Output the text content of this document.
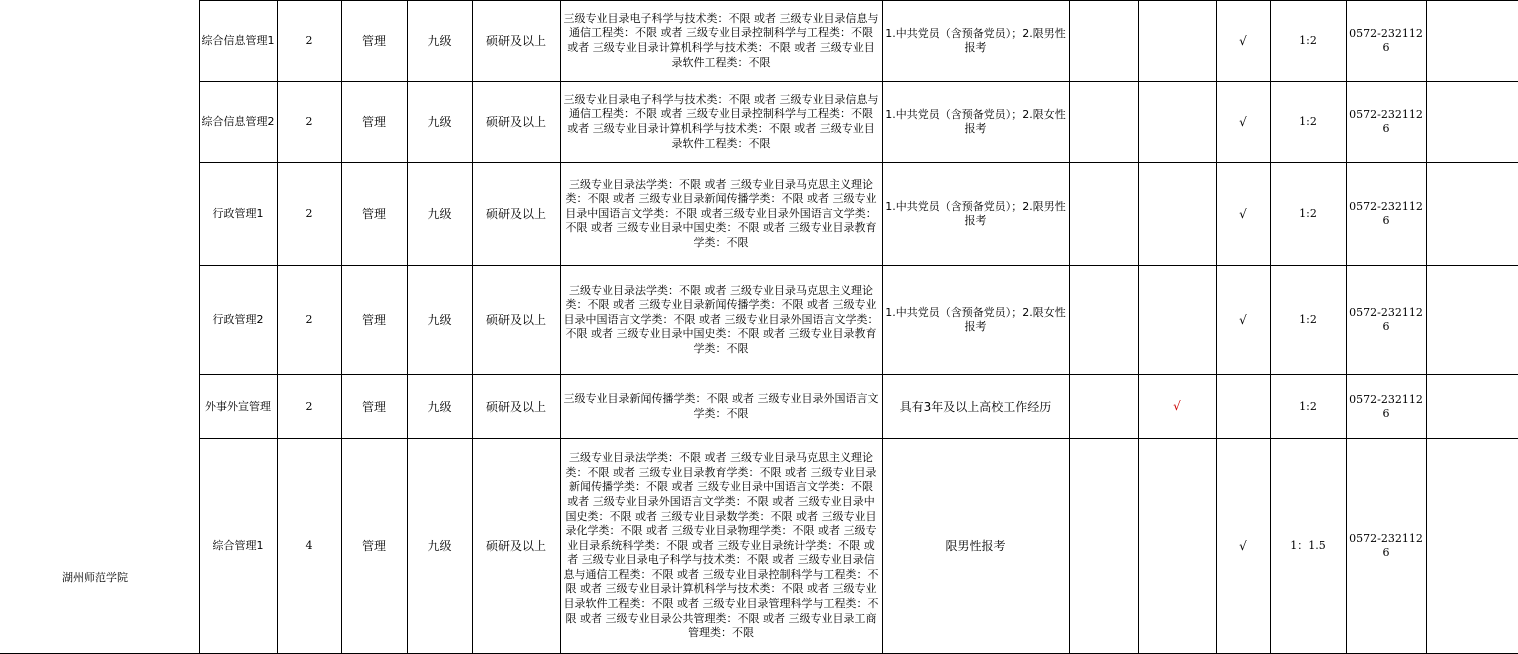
湖州师范学院	综合信息管理1	2	管理	九级	硕研及以上	三级专业目录电子科学与技术类：不限 或者 三级专业目录信息与通信工程类：不限 或者 三级专业目录控制科学与工程类：不限 或者 三级专业目录计算机科学与技术类：不限 或者 三级专业目录软件工程类：不限	1.中共党员（含预备党员）；2.限男性报考			√	1:2	0572-2321126	
	综合信息管理2	2	管理	九级	硕研及以上	三级专业目录电子科学与技术类：不限 或者 三级专业目录信息与通信工程类：不限 或者 三级专业目录控制科学与工程类：不限 或者 三级专业目录计算机科学与技术类：不限 或者 三级专业目录软件工程类：不限	1.中共党员（含预备党员）；2.限女性报考			√	1:2	0572-2321126	
	行政管理1	2	管理	九级	硕研及以上	三级专业目录法学类：不限 或者 三级专业目录马克思主义理论类：不限 或者 三级专业目录新闻传播学类：不限 或者 三级专业目录中国语言文学类：不限 或者三级专业目录外国语言文学类：不限 或者 三级专业目录中国史类：不限 或者 三级专业目录教育学类：不限	1.中共党员（含预备党员）；2.限男性报考			√	1:2	0572-2321126	
	行政管理2	2	管理	九级	硕研及以上	三级专业目录法学类：不限 或者 三级专业目录马克思主义理论类：不限 或者 三级专业目录新闻传播学类：不限 或者 三级专业目录中国语言文学类：不限 或者 三级专业目录外国语言文学类：不限 或者 三级专业目录中国史类：不限 或者 三级专业目录教育学类：不限	1.中共党员（含预备党员）；2.限女性报考			√	1:2	0572-2321126	
	外事外宣管理	2	管理	九级	硕研及以上	三级专业目录新闻传播学类：不限 或者 三级专业目录外国语言文学类：不限	具有3年及以上高校工作经历		√		1:2	0572-2321126	
	综合管理1	4	管理	九级	硕研及以上	三级专业目录法学类：不限 或者 三级专业目录马克思主义理论类：不限 或者 三级专业目录教育学类：不限 或者 三级专业目录新闻传播学类：不限 或者 三级专业目录中国语言文学类：不限 或者 三级专业目录外国语言文学类：不限 或者 三级专业目录中国史类：不限 或者 三级专业目录数学类：不限 或者 三级专业目录化学类：不限 或者 三级专业目录物理学类：不限 或者 三级专业目录系统科学类：不限 或者 三级专业目录统计学类：不限 或者 三级专业目录电子科学与技术类：不限 或者 三级专业目录信息与通信工程类：不限 或者 三级专业目录控制科学与工程类：不限 或者 三级专业目录计算机科学与技术类：不限 或者 三级专业目录软件工程类：不限 或者 三级专业目录管理科学与工程类：不限 或者 三级专业目录公共管理类：不限 或者 三级专业目录工商管理类：不限	限男性报考			√	1：1.5	0572-2321126	
